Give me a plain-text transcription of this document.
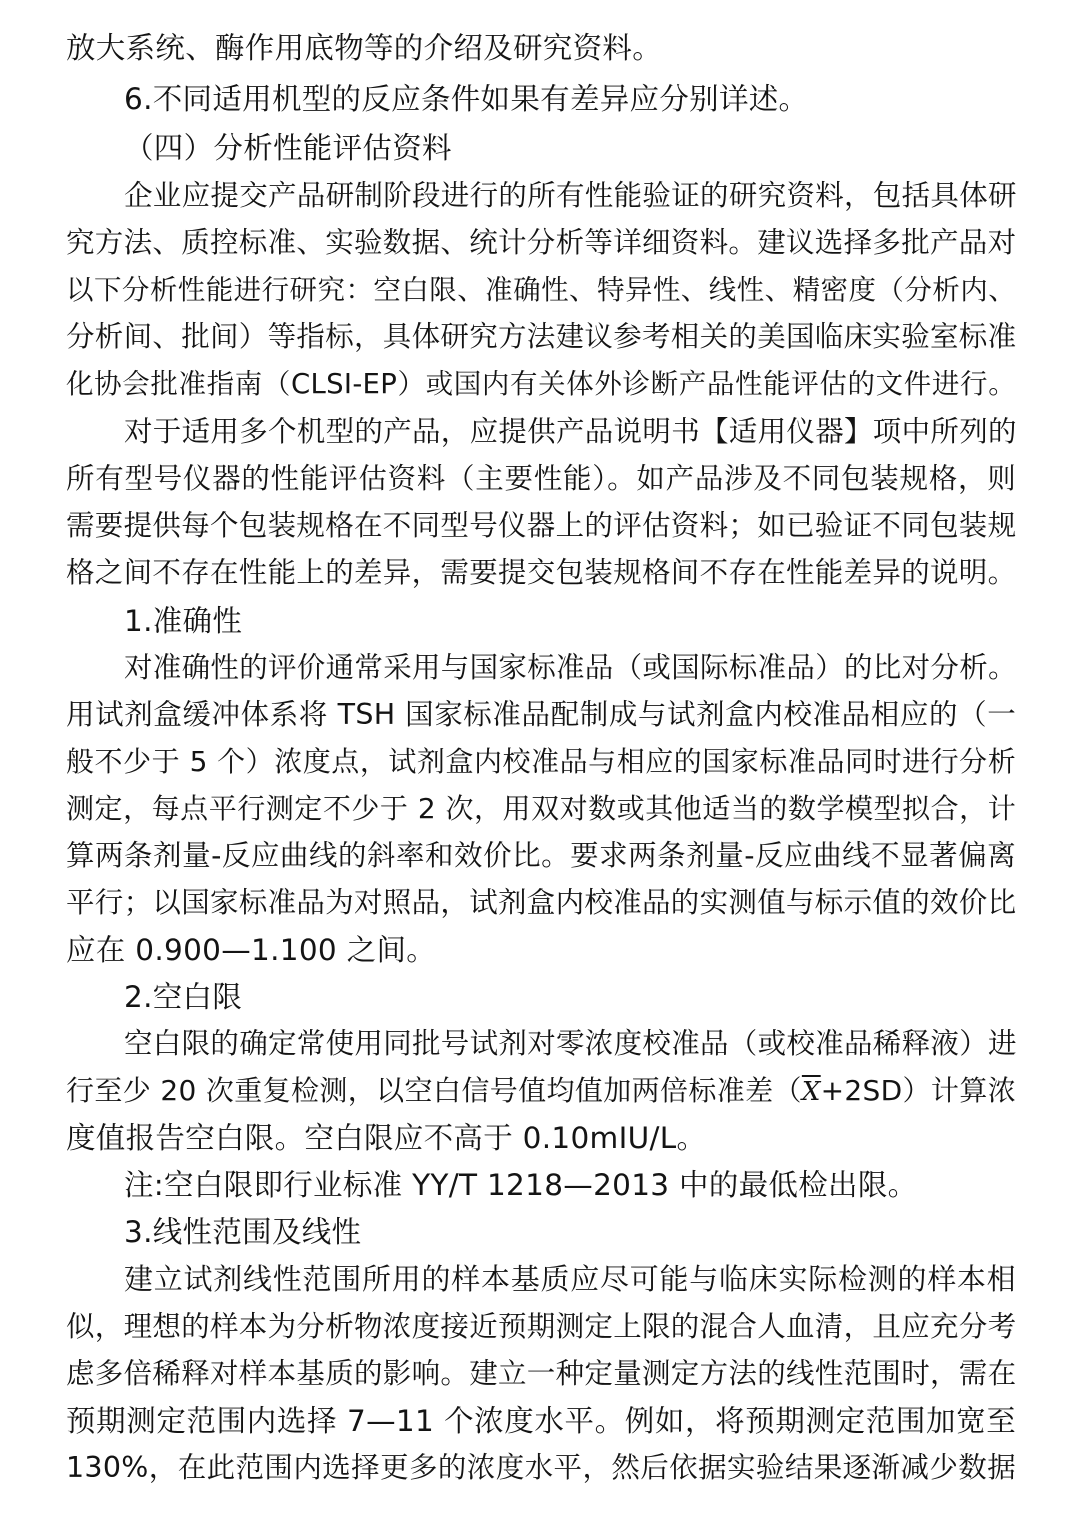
放大系统、酶作用底物等的介绍及研究资料。
6.不同适用机型的反应条件如果有差异应分别详述。
（四）分析性能评估资料
企业应提交产品研制阶段进行的所有性能验证的研究资料，包括具体研
究方法、质控标准、实验数据、统计分析等详细资料。建议选择多批产品对
以下分析性能进行研究：空白限、准确性、特异性、线性、精密度（分析内、
分析间、批间）等指标，具体研究方法建议参考相关的美国临床实验室标准
化协会批准指南（CLSI-EP）或国内有关体外诊断产品性能评估的文件进行。
对于适用多个机型的产品，应提供产品说明书【适用仪器】项中所列的
所有型号仪器的性能评估资料（主要性能）。如产品涉及不同包装规格，则
需要提供每个包装规格在不同型号仪器上的评估资料；如已验证不同包装规
格之间不存在性能上的差异，需要提交包装规格间不存在性能差异的说明。
1.准确性
对准确性的评价通常采用与国家标准品（或国际标准品）的比对分析。
用试剂盒缓冲体系将 TSH 国家标准品配制成与试剂盒内校准品相应的（一
般不少于 5 个）浓度点，试剂盒内校准品与相应的国家标准品同时进行分析
测定，每点平行测定不少于 2 次，用双对数或其他适当的数学模型拟合，计
算两条剂量-反应曲线的斜率和效价比。要求两条剂量-反应曲线不显著偏离
平行；以国家标准品为对照品，试剂盒内校准品的实测值与标示值的效价比
应在 0.900—1.100 之间。
2.空白限
空白限的确定常使用同批号试剂对零浓度校准品（或校准品稀释液）进
行至少 20 次重复检测，以空白信号值均值加两倍标准差$(\overline{X}+2SD)$计算浓
度值报告空白限。空白限应不高于 0.10mIU/L。
注:空白限即行业标准 YY/T 1218—2013 中的最低检出限。
3.线性范围及线性
建立试剂线性范围所用的样本基质应尽可能与临床实际检测的样本相
似，理想的样本为分析物浓度接近预期测定上限的混合人血清，且应充分考
虑多倍稀释对样本基质的影响。建立一种定量测定方法的线性范围时，需在
预期测定范围内选择 7—11 个浓度水平。例如，将预期测定范围加宽至
130%，在此范围内选择更多的浓度水平，然后依据实验结果逐渐减少数据
